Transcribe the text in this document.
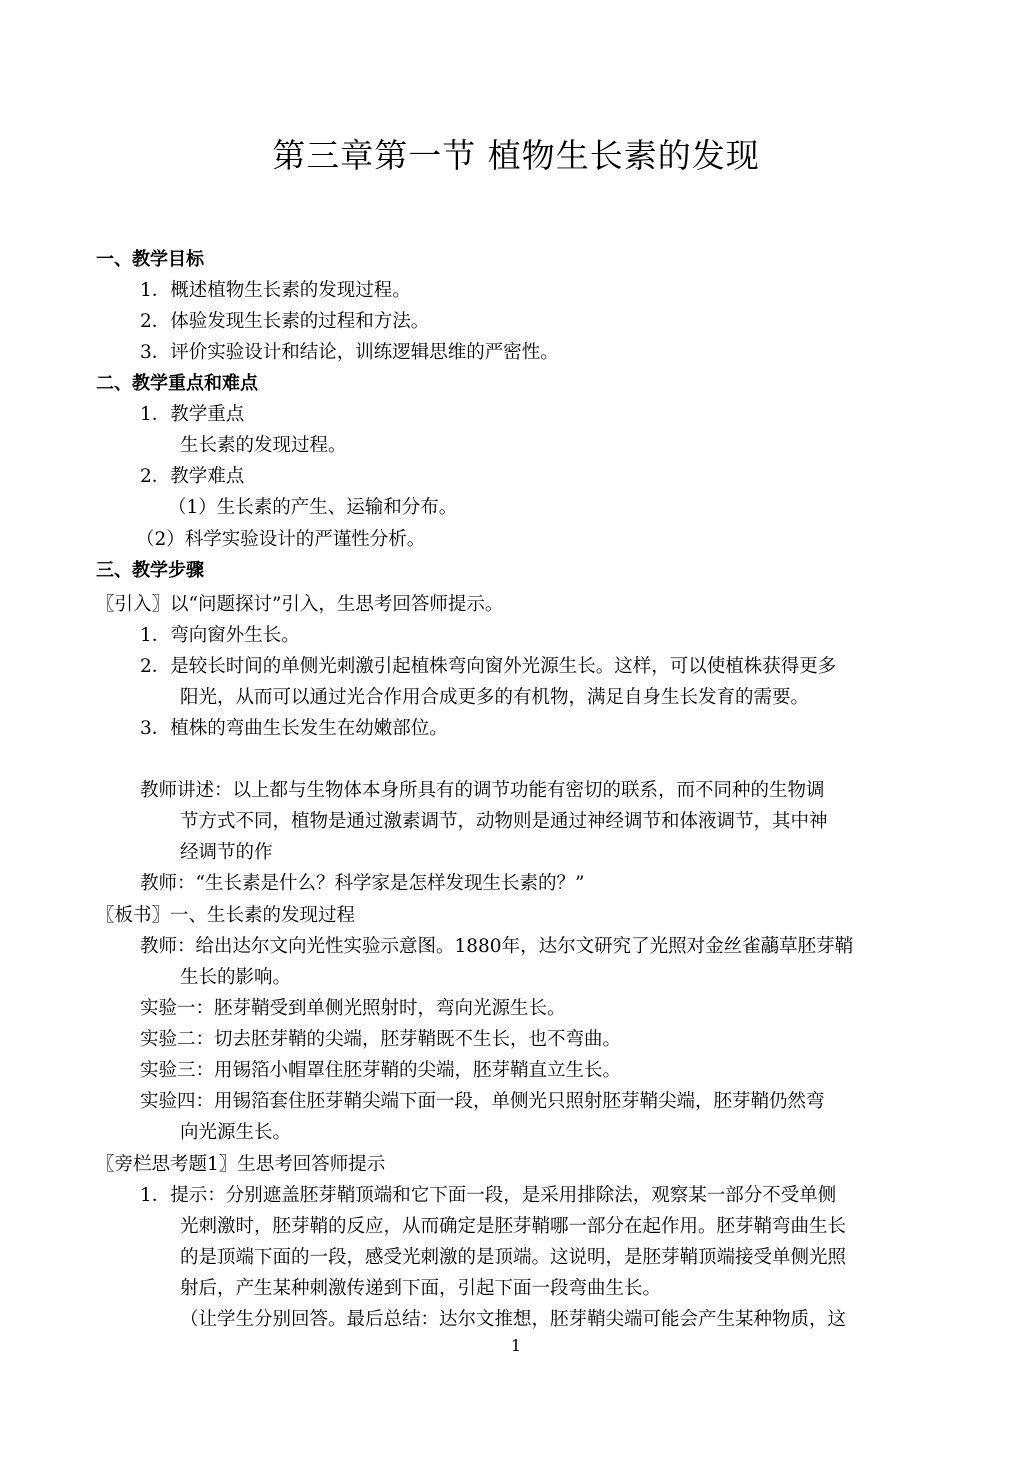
第三章第一节 植物生长素的发现
一、教学目标
1．概述植物生长素的发现过程。
2．体验发现生长素的过程和方法。
3．评价实验设计和结论，训练逻辑思维的严密性。
二、教学重点和难点
1．教学重点
生长素的发现过程。
2．教学难点
（1）生长素的产生、运输和分布。
（2）科学实验设计的严谨性分析。
三、教学步骤
〖引入〗以“问题探讨”引入，生思考回答师提示。
1．弯向窗外生长。
2．是较长时间的单侧光刺激引起植株弯向窗外光源生长。这样，可以使植株获得更多
阳光，从而可以通过光合作用合成更多的有机物，满足自身生长发育的需要。
3．植株的弯曲生长发生在幼嫩部位。
教师讲述：以上都与生物体本身所具有的调节功能有密切的联系，而不同种的生物调
节方式不同，植物是通过激素调节，动物则是通过神经调节和体液调节，其中神
经调节的作
教师：“生长素是什么？科学家是怎样发现生长素的？”
〖板书〗一、生长素的发现过程
教师：给出达尔文向光性实验示意图。1880年，达尔文研究了光照对金丝雀虉草胚芽鞘
生长的影响。
实验一：胚芽鞘受到单侧光照射时，弯向光源生长。
实验二：切去胚芽鞘的尖端，胚芽鞘既不生长，也不弯曲。
实验三：用锡箔小帽罩住胚芽鞘的尖端，胚芽鞘直立生长。
实验四：用锡箔套住胚芽鞘尖端下面一段，单侧光只照射胚芽鞘尖端，胚芽鞘仍然弯
向光源生长。
〖旁栏思考题1〗生思考回答师提示
1．提示：分别遮盖胚芽鞘顶端和它下面一段，是采用排除法，观察某一部分不受单侧
光刺激时，胚芽鞘的反应，从而确定是胚芽鞘哪一部分在起作用。胚芽鞘弯曲生长
的是顶端下面的一段，感受光刺激的是顶端。这说明，是胚芽鞘顶端接受单侧光照
射后，产生某种刺激传递到下面，引起下面一段弯曲生长。
（让学生分别回答。最后总结：达尔文推想，胚芽鞘尖端可能会产生某种物质，这
1
